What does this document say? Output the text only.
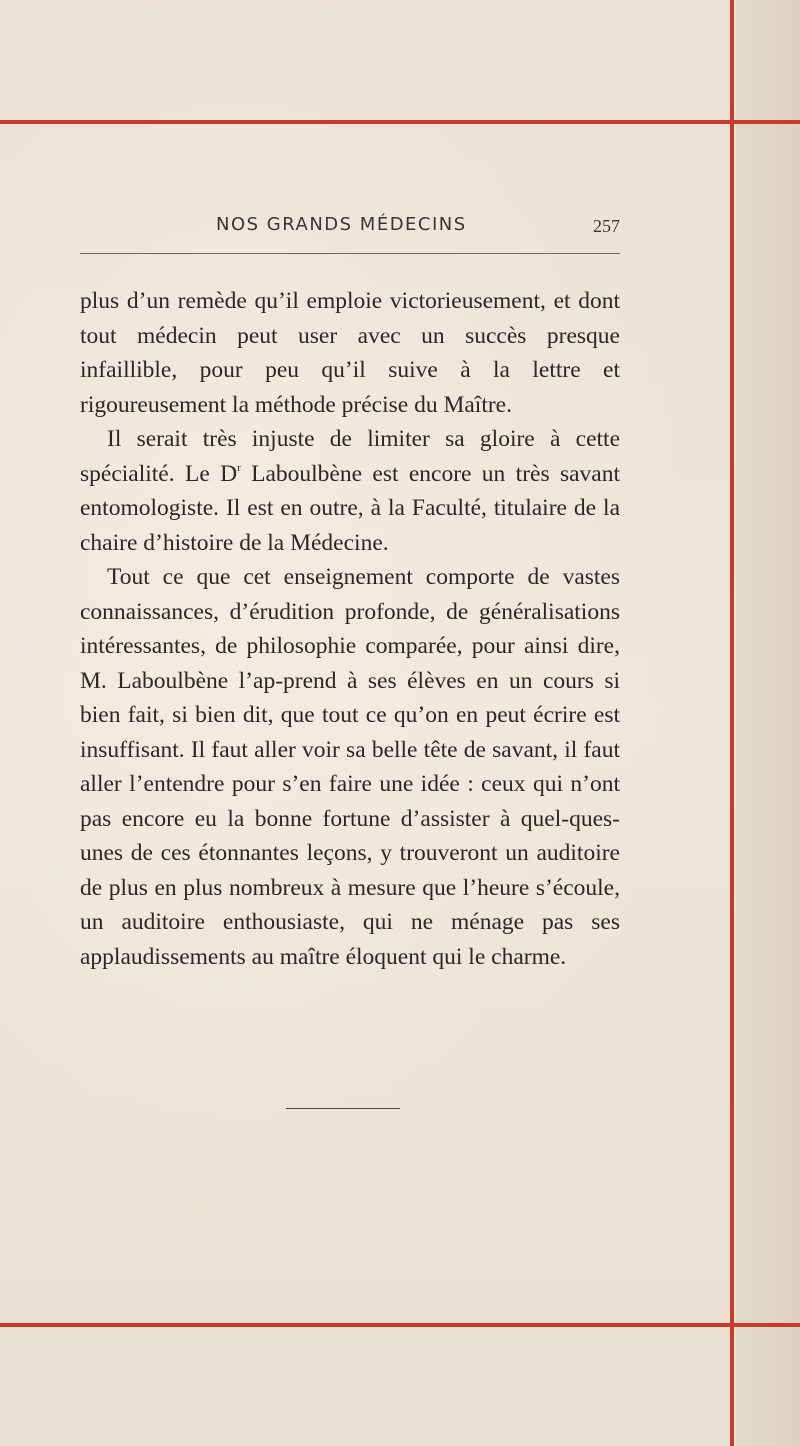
NOS GRANDS MÉDECINS	257

plus d’un remède qu’il emploie victorieusement, et dont tout médecin peut user avec un succès presque infaillible, pour peu qu’il suive à la lettre et rigoureusement la méthode précise du Maître.

Il serait très injuste de limiter sa gloire à cette spécialité. Le $D^r$ Laboulbène est encore un très savant entomologiste. Il est en outre, à la Faculté, titulaire de la chaire d’histoire de la Médecine.

Tout ce que cet enseignement comporte de vastes connaissances, d’érudition profonde, de généralisations intéressantes, de philosophie comparée, pour ainsi dire, M. Laboulbène l’ap-prend à ses élèves en un cours si bien fait, si bien dit, que tout ce qu’on en peut écrire est insuffisant. Il faut aller voir sa belle tête de savant, il faut aller l’entendre pour s’en faire une idée : ceux qui n’ont pas encore eu la bonne fortune d’assister à quel-ques-unes de ces étonnantes leçons, y trouveront un auditoire de plus en plus nombreux à mesure que l’heure s’écoule, un auditoire enthousiaste, qui ne ménage pas ses applaudissements au maître éloquent qui le charme.
